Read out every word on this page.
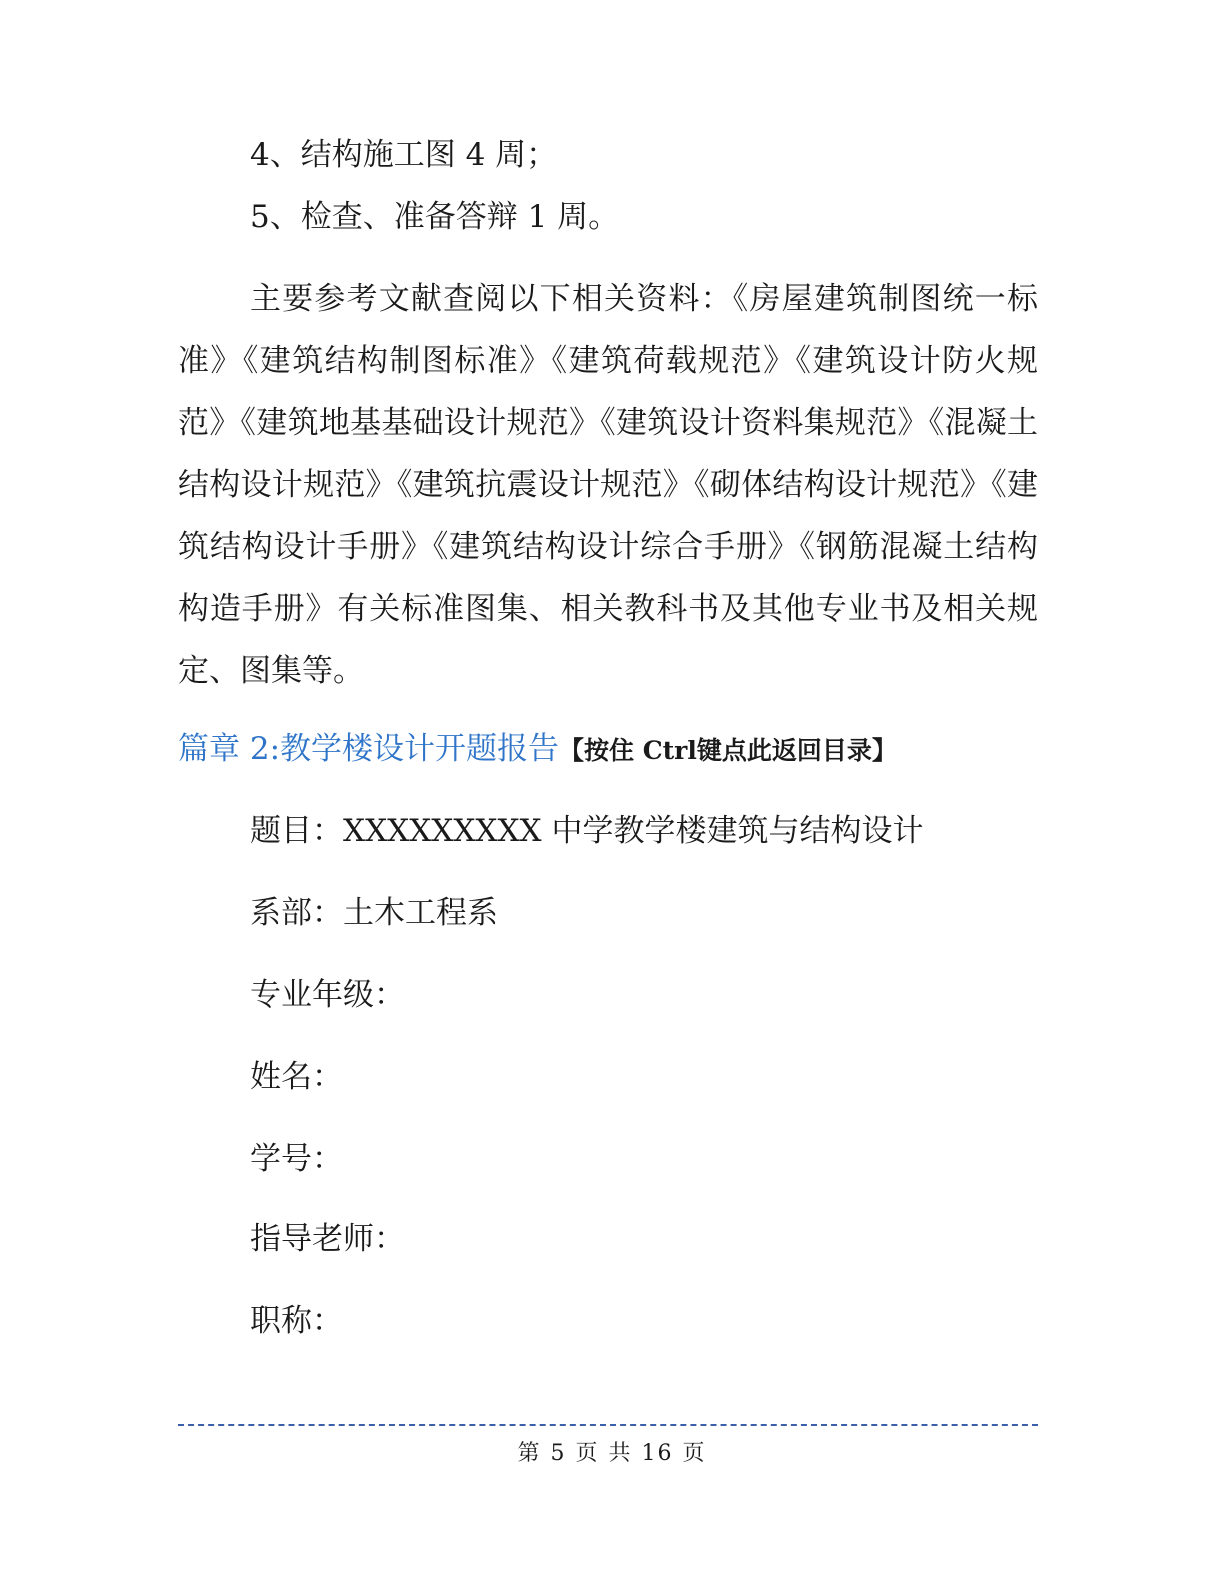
4、结构施工图 4 周；
5、检查、准备答辩 1 周。
主要参考文献查阅以下相关资料：《房屋建筑制图统一标准》《建筑结构制图标准》《建筑荷载规范》《建筑设计防火规范》《建筑地基基础设计规范》《建筑设计资料集规范》《混凝土结构设计规范》《建筑抗震设计规范》《砌体结构设计规范》《建筑结构设计手册》《建筑结构设计综合手册》《钢筋混凝土结构构造手册》有关标准图集、相关教科书及其他专业书及相关规定、图集等。
篇章 2:教学楼设计开题报告【按住 Ctrl键点此返回目录】
题目：XXXXXXXXX 中学教学楼建筑与结构设计
系部：土木工程系
专业年级：
姓名：
学号：
指导老师：
职称：
第 5 页 共 16 页
